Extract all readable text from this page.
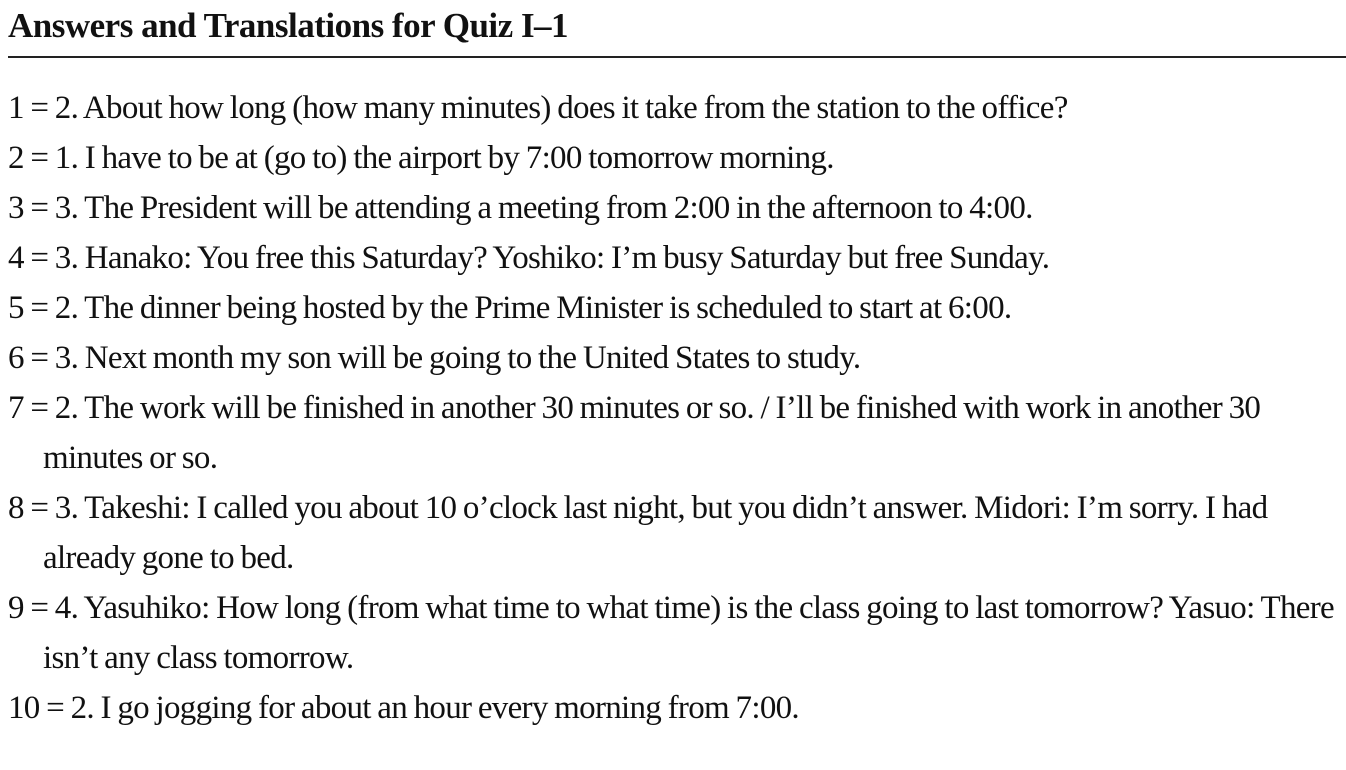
Answers and Translations for Quiz I–1
1 = 2. About how long (how many minutes) does it take from the station to the office?
2 = 1. I have to be at (go to) the airport by 7:00 tomorrow morning.
3 = 3. The President will be attending a meeting from 2:00 in the afternoon to 4:00.
4 = 3. Hanako: You free this Saturday? Yoshiko: I’m busy Saturday but free Sunday.
5 = 2. The dinner being hosted by the Prime Minister is scheduled to start at 6:00.
6 = 3. Next month my son will be going to the United States to study.
7 = 2. The work will be finished in another 30 minutes or so. / I’ll be finished with work in another 30 minutes or so.
8 = 3. Takeshi: I called you about 10 o’clock last night, but you didn’t answer. Midori: I’m sorry. I had already gone to bed.
9 = 4. Yasuhiko: How long (from what time to what time) is the class going to last tomorrow? Yasuo: There isn’t any class tomorrow.
10 = 2. I go jogging for about an hour every morning from 7:00.
